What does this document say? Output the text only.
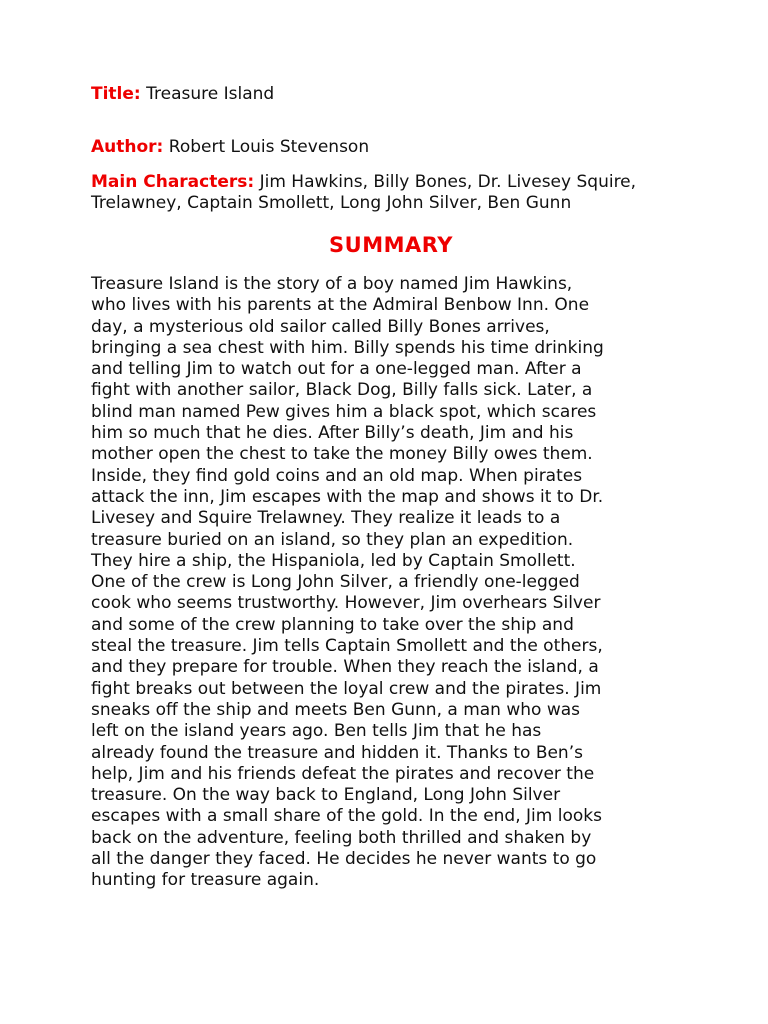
Title: Treasure Island

Author: Robert Louis Stevenson

Main Characters: Jim Hawkins, Billy Bones, Dr. Livesey Squire, Trelawney, Captain Smollett, Long John Silver, Ben Gunn

SUMMARY
Treasure Island is the story of a boy named Jim Hawkins,
who lives with his parents at the Admiral Benbow Inn. One
day, a mysterious old sailor called Billy Bones arrives,
bringing a sea chest with him. Billy spends his time drinking
and telling Jim to watch out for a one-legged man. After a
fight with another sailor, Black Dog, Billy falls sick. Later, a
blind man named Pew gives him a black spot, which scares
him so much that he dies. After Billy’s death, Jim and his
mother open the chest to take the money Billy owes them.
Inside, they find gold coins and an old map. When pirates
attack the inn, Jim escapes with the map and shows it to Dr.
Livesey and Squire Trelawney. They realize it leads to a
treasure buried on an island, so they plan an expedition.
They hire a ship, the Hispaniola, led by Captain Smollett.
One of the crew is Long John Silver, a friendly one-legged
cook who seems trustworthy. However, Jim overhears Silver
and some of the crew planning to take over the ship and
steal the treasure. Jim tells Captain Smollett and the others,
and they prepare for trouble. When they reach the island, a
fight breaks out between the loyal crew and the pirates. Jim
sneaks off the ship and meets Ben Gunn, a man who was
left on the island years ago. Ben tells Jim that he has
already found the treasure and hidden it. Thanks to Ben’s
help, Jim and his friends defeat the pirates and recover the
treasure. On the way back to England, Long John Silver
escapes with a small share of the gold. In the end, Jim looks
back on the adventure, feeling both thrilled and shaken by
all the danger they faced. He decides he never wants to go
hunting for treasure again.
